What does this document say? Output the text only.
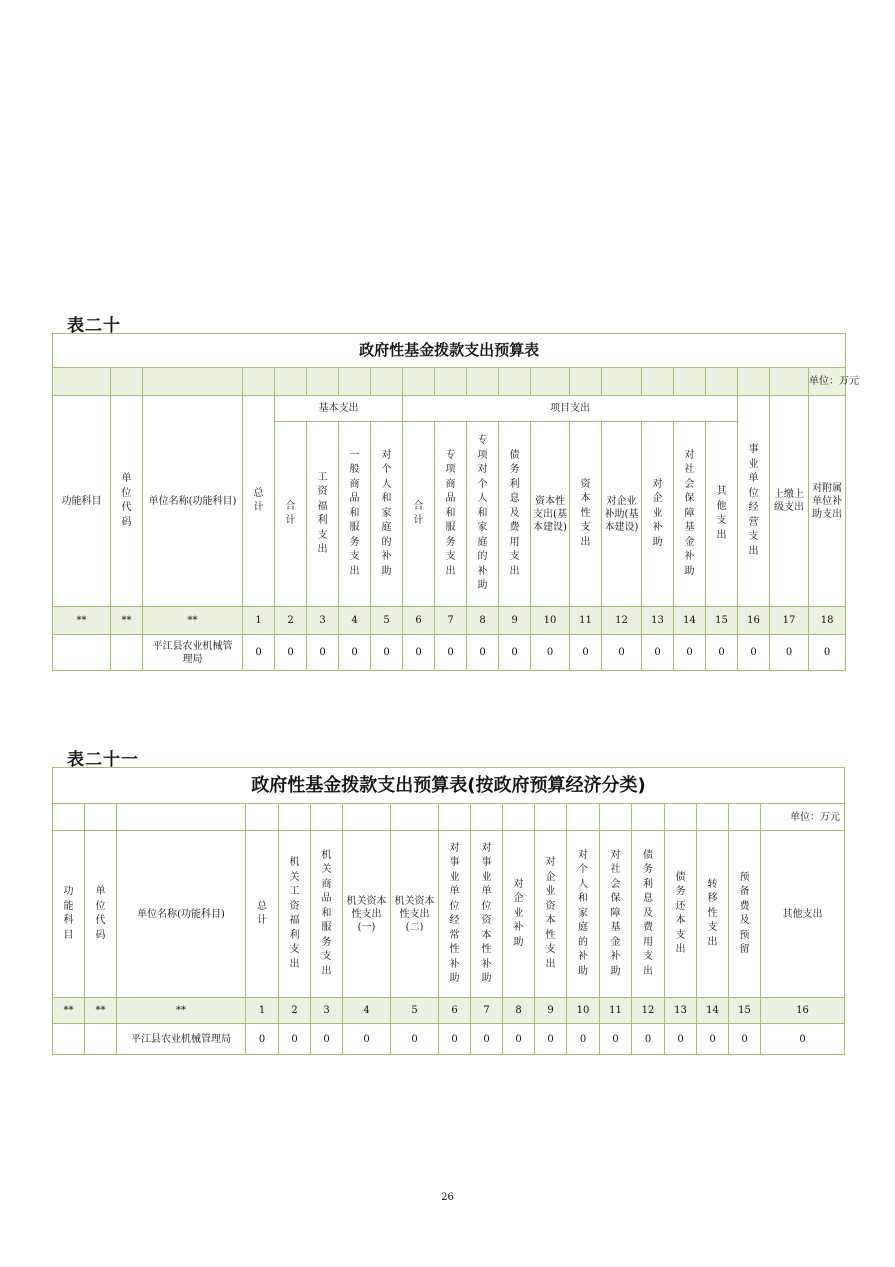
表二十
政府性基金拨款支出预算表																				
																				单位：万元
功能科目	单位代码	单位名称(功能科目)	总计	基本支出				项目支出										事业单位经营支出	上缴上级支出	对附属单位补助支出
				合计	工资福利支出	一般商品和服务支出	对个人和家庭的补助	合计	专项商品和服务支出	专项对个人和家庭的补助	债务利息及费用支出	资本性支出(基本建设)	资本性支出	对企业补助(基本建设)	对企业补助	对社会保障基金补助	其他支出			
**	**	**	1	2	3	4	5	6	7	8	9	10	11	12	13	14	15	16	17	18
		平江县农业机械管理局	0	0	0	0	0	0	0	0	0	0	0	0	0	0	0	0	0	0
表二十一
政府性基金拨款支出预算表(按政府预算经济分类)																		
																		单位：万元
功能科目	单位代码	单位名称(功能科目)	总计	机关工资福利支出	机关商品和服务支出	机关资本性支出(一)	机关资本性支出(二)	对事业单位经常性补助	对事业单位资本性补助	对企业补助	对企业资本性支出	对个人和家庭的补助	对社会保障基金补助	债务利息及费用支出	债务还本支出	转移性支出	预备费及预留	其他支出
**	**	**	1	2	3	4	5	6	7	8	9	10	11	12	13	14	15	16
		平江县农业机械管理局	0	0	0	0	0	0	0	0	0	0	0	0	0	0	0	0
26
